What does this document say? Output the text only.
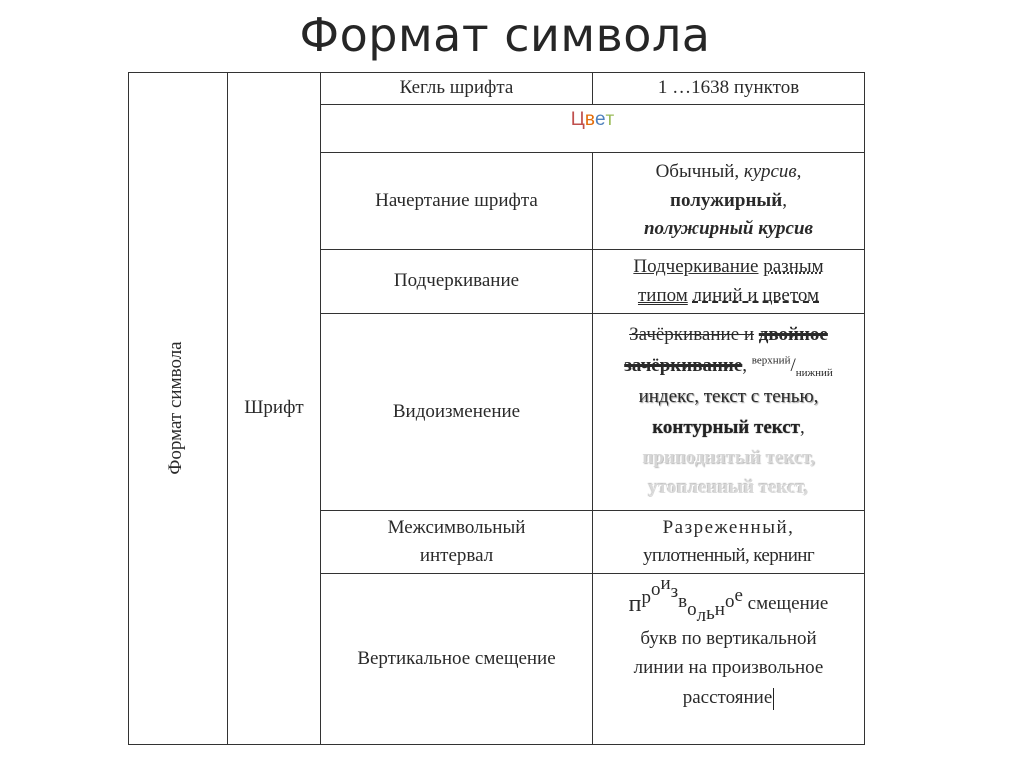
Формат символа
Формат символа	Шрифт
Кегль шрифта	1 …1638 пунктов
Цвет
Начертание шрифта
Обычный, курсив,
полужирный,
полужирный курсив
Подчеркивание
Подчеркивание разным
типом линий и цветом
Видоизменение
Зачёркивание и двойное
зачёркивание, $^{верхний}/_{нижний}$
индекс, текст с тенью,
контурный текст,
приподнятый текст,
утопленный текст,
Межсимвольный
интервал
Разреженный,
уплотненный, кернинг
Вертикальное смещение
произвольное смещение
букв по вертикальной
линии на произвольное
расстояние
